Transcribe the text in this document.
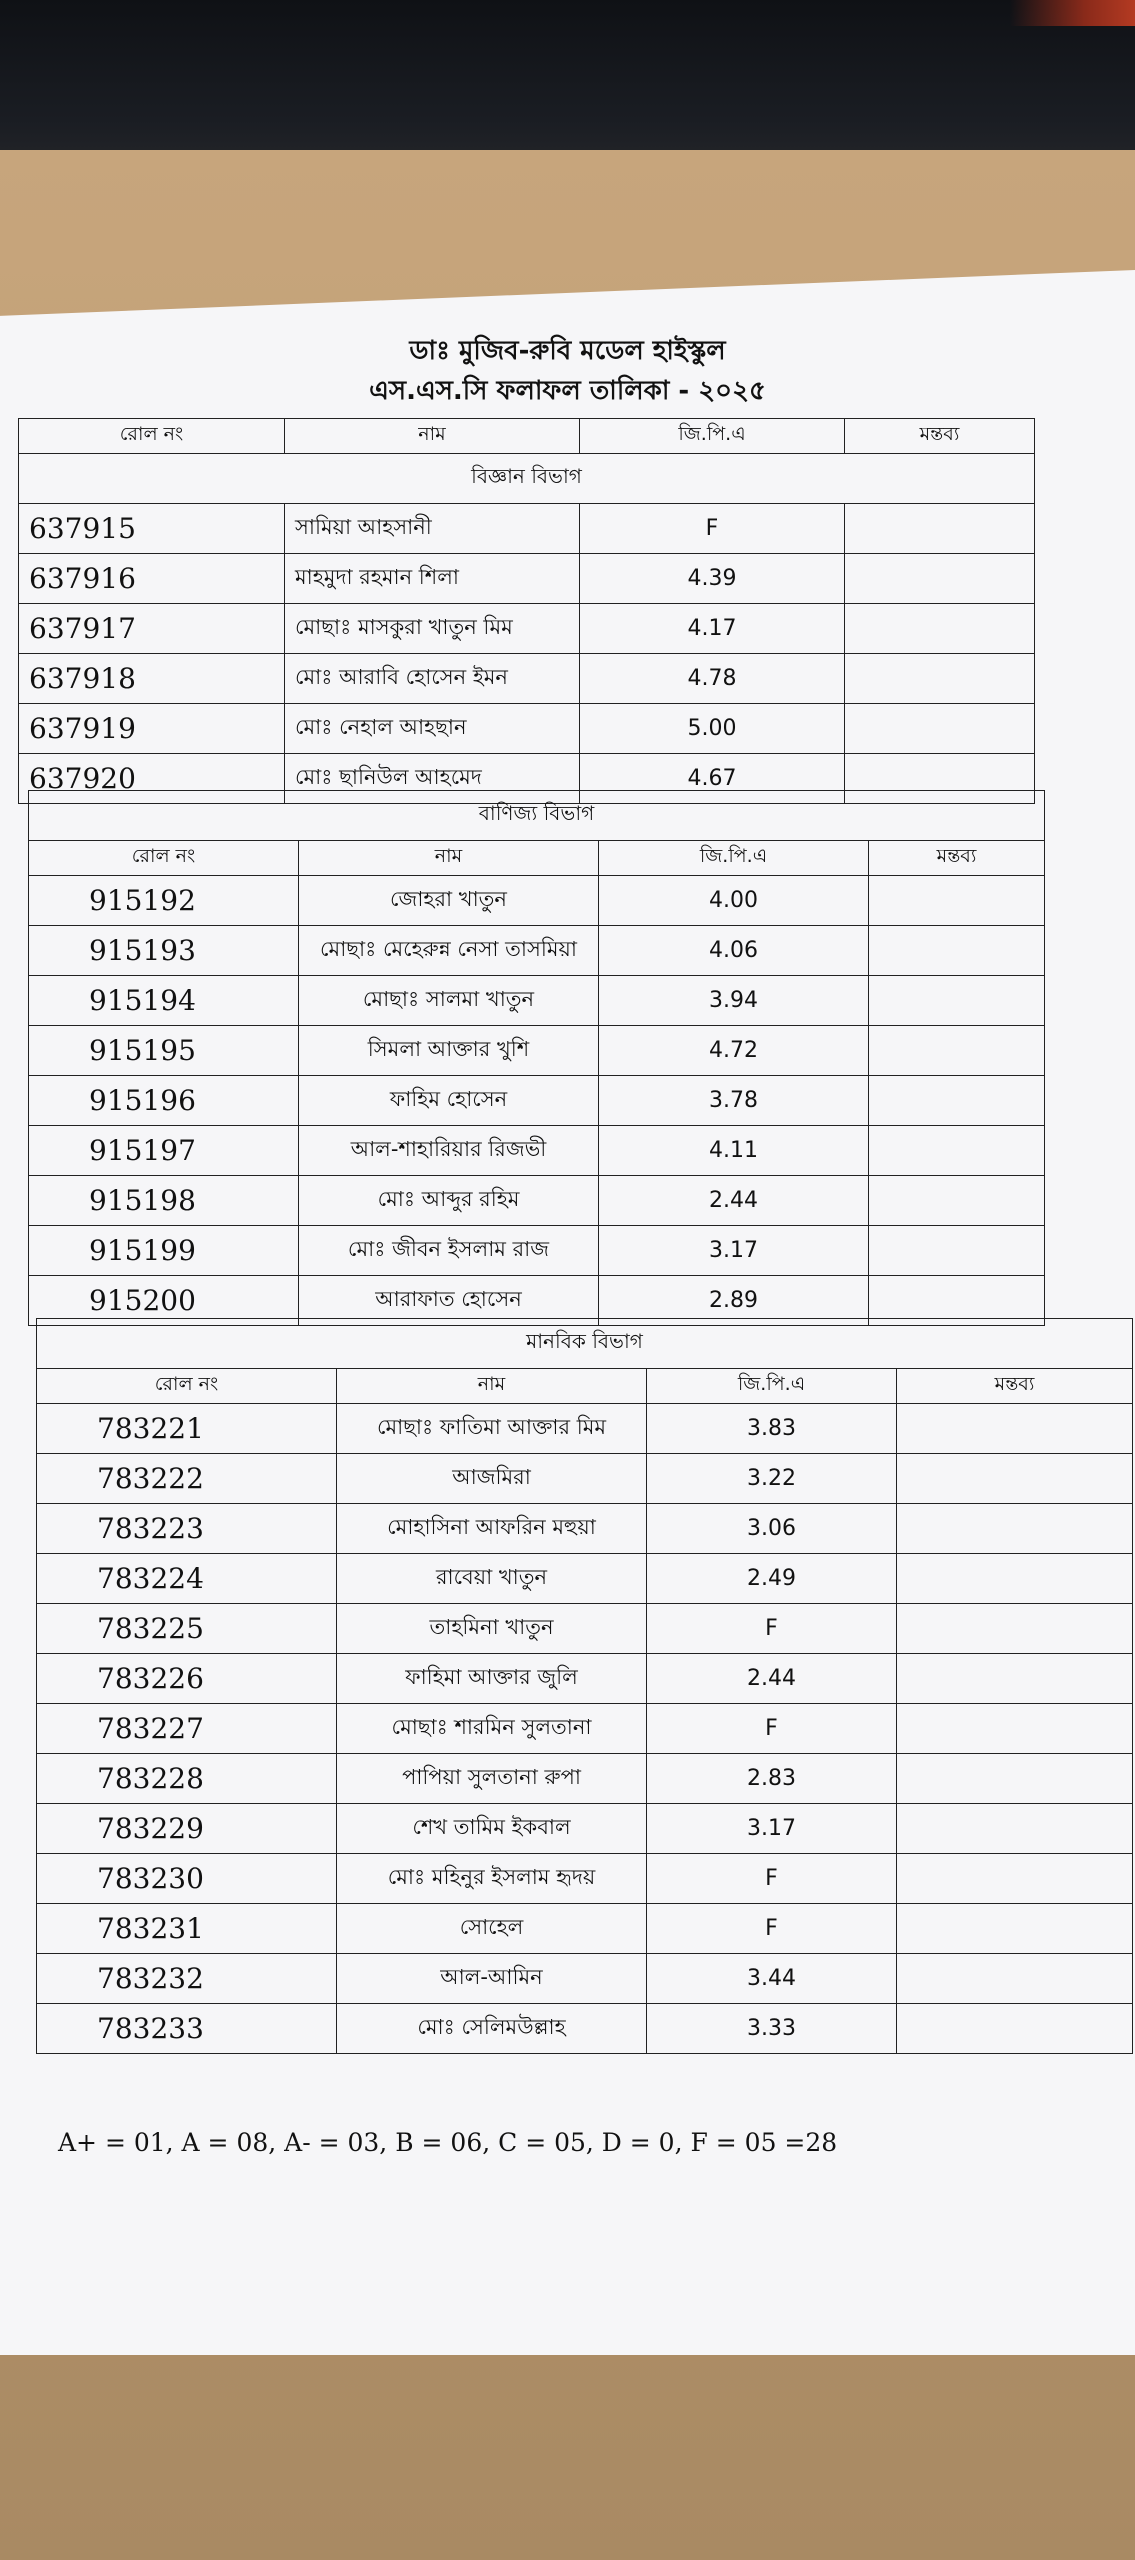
ডাঃ মুজিব-রুবি মডেল হাইস্কুল
এস.এস.সি ফলাফল তালিকা - ২০২৫
রোল নং	নাম	জি.পি.এ	মন্তব্য
বিজ্ঞান বিভাগ			
637915	সামিয়া আহসানী	F	
637916	মাহমুদা রহমান শিলা	4.39	
637917	মোছাঃ মাসকুরা খাতুন মিম	4.17	
637918	মোঃ আরাবি হোসেন ইমন	4.78	
637919	মোঃ নেহাল আহছান	5.00	
637920	মোঃ ছানিউল আহমেদ	4.67	
বাণিজ্য বিভাগ			
রোল নং	নাম	জি.পি.এ	মন্তব্য
915192	জোহরা খাতুন	4.00	
915193	মোছাঃ মেহেরুন্ন নেসা তাসমিয়া	4.06	
915194	মোছাঃ সালমা খাতুন	3.94	
915195	সিমলা আক্তার খুশি	4.72	
915196	ফাহিম হোসেন	3.78	
915197	আল-শাহারিয়ার রিজভী	4.11	
915198	মোঃ আব্দুর রহিম	2.44	
915199	মোঃ জীবন ইসলাম রাজ	3.17	
915200	আরাফাত হোসেন	2.89	
মানবিক বিভাগ			
রোল নং	নাম	জি.পি.এ	মন্তব্য
783221	মোছাঃ ফাতিমা আক্তার মিম	3.83	
783222	আজমিরা	3.22	
783223	মোহাসিনা আফরিন মহুয়া	3.06	
783224	রাবেয়া খাতুন	2.49	
783225	তাহমিনা খাতুন	F	
783226	ফাহিমা আক্তার জুলি	2.44	
783227	মোছাঃ শারমিন সুলতানা	F	
783228	পাপিয়া সুলতানা রুপা	2.83	
783229	শেখ তামিম ইকবাল	3.17	
783230	মোঃ মহিনুর ইসলাম হৃদয়	F	
783231	সোহেল	F	
783232	আল-আমিন	3.44	
783233	মোঃ সেলিমউল্লাহ	3.33	
A+ = 01, A = 08, A- = 03, B = 06, C = 05, D = 0, F = 05 =28
